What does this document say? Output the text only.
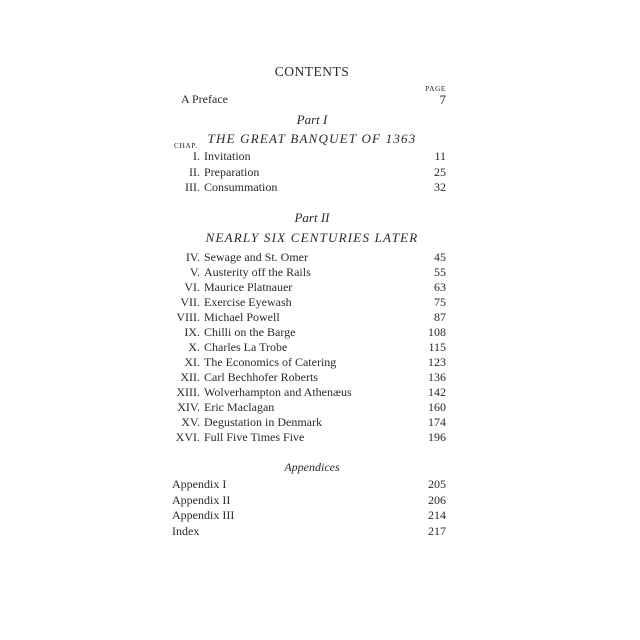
CONTENTS
PAGE
A Preface	7
Part I
THE GREAT BANQUET OF 1363
CHAP.
I. Invitation	11
II. Preparation	25
III. Consummation	32
Part II
NEARLY SIX CENTURIES LATER
IV. Sewage and St. Omer	45
V. Austerity off the Rails	55
VI. Maurice Platnauer	63
VII. Exercise Eyewash	75
VIII. Michael Powell	87
IX. Chilli on the Barge	108
X. Charles La Trobe	115
XI. The Economics of Catering	123
XII. Carl Bechhofer Roberts	136
XIII. Wolverhampton and Athenæus	142
XIV. Eric Maclagan	160
XV. Degustation in Denmark	174
XVI. Full Five Times Five	196
Appendices
Appendix I	205
Appendix II	206
Appendix III	214
Index	217
